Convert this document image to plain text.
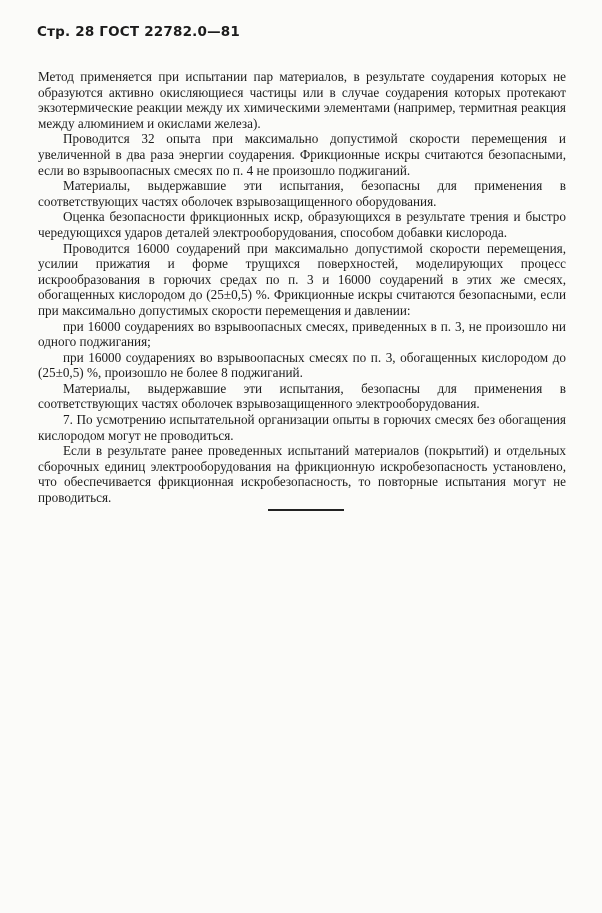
Стр. 28 ГОСТ 22782.0—81

Метод применяется при испытании пар материалов, в результате соударения которых не образуются активно окисляющиеся частицы или в случае соударения которых протекают экзотермические реакции между их химическими элементами (например, термитная реакция между алюминием и окислами железа).

Проводится 32 опыта при максимально допустимой скорости перемещения и увеличенной в два раза энергии соударения. Фрикционные искры считаются безопасными, если во взрывоопасных смесях по п. 4 не произошло поджиганий.

Материалы, выдержавшие эти испытания, безопасны для применения в соответствующих частях оболочек взрывозащищенного оборудования.

Оценка безопасности фрикционных искр, образующихся в результате трения и быстро чередующихся ударов деталей электрооборудования, способом добавки кислорода.

Проводится 16000 соударений при максимально допустимой скорости перемещения, усилии прижатия и форме трущихся поверхностей, моделирующих процесс искрообразования в горючих средах по п. 3 и 16000 соударений в этих же смесях, обогащенных кислородом до (25±0,5) %. Фрикционные искры считаются безопасными, если при максимально допустимых скорости перемещения и давлении:

при 16000 соударениях во взрывоопасных смесях, приведенных в п. 3, не произошло ни одного поджигания;

при 16000 соударениях во взрывоопасных смесях по п. 3, обогащенных кислородом до (25±0,5) %, произошло не более 8 поджиганий.

Материалы, выдержавшие эти испытания, безопасны для применения в соответствующих частях оболочек взрывозащищенного электрооборудования.

7. По усмотрению испытательной организации опыты в горючих смесях без обогащения кислородом могут не проводиться.

Если в результате ранее проведенных испытаний материалов (покрытий) и отдельных сборочных единиц электрооборудования на фрикционную искробезопасность установлено, что обеспечивается фрикционная искробезопасность, то повторные испытания могут не проводиться.
